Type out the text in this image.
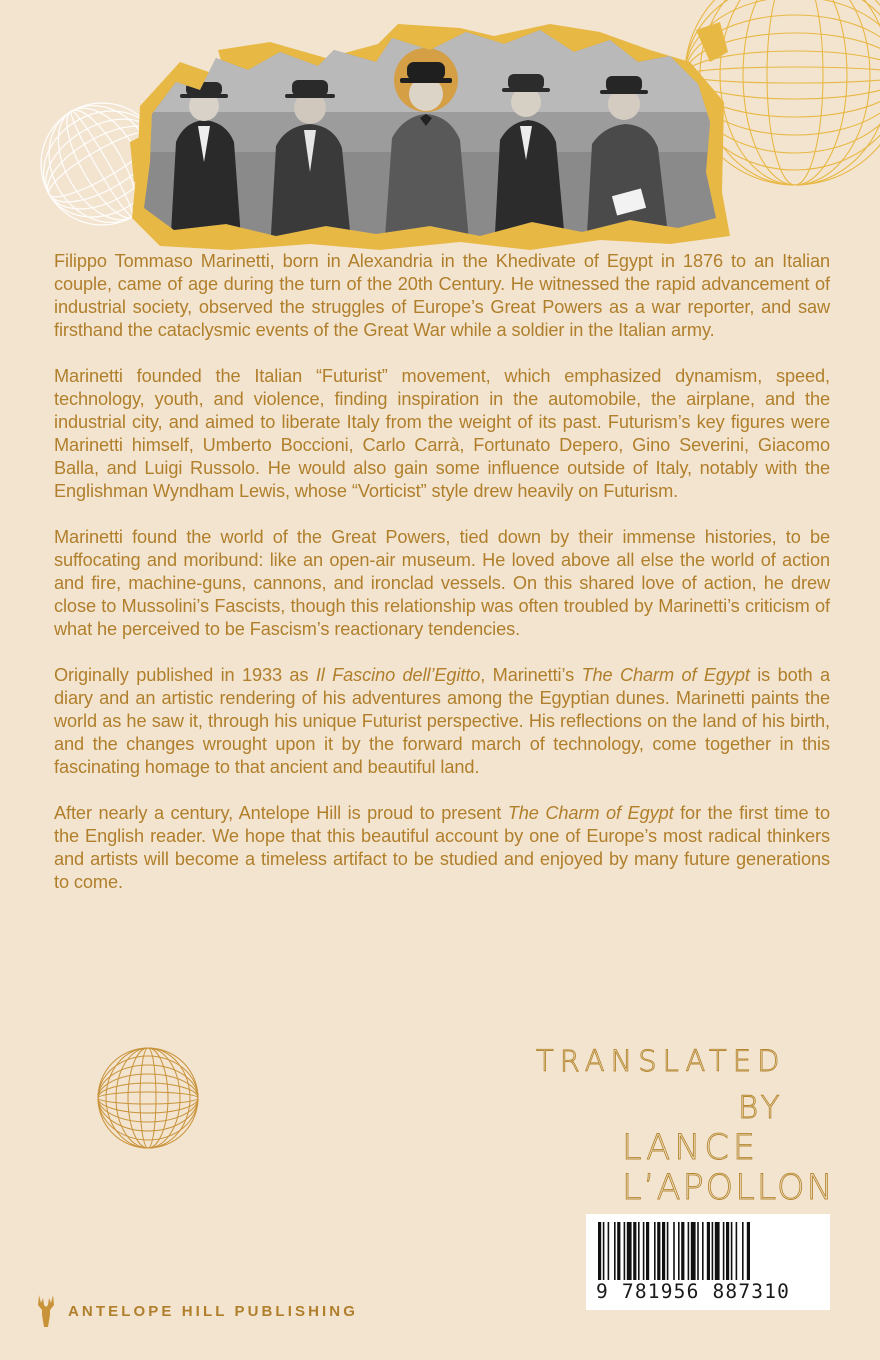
Filippo Tommaso Marinetti, born in Alexandria in the Khedivate of Egypt in 1876 to an Italian couple, came of age during the turn of the 20th Century. He witnessed the rapid advancement of industrial society, observed the struggles of Europe’s Great Powers as a war reporter, and saw firsthand the cataclysmic events of the Great War while a soldier in the Italian army.

Marinetti founded the Italian “Futurist” movement, which emphasized dynamism, speed, technology, youth, and violence, finding inspiration in the automobile, the airplane, and the industrial city, and aimed to liberate Italy from the weight of its past. Futurism’s key figures were Marinetti himself, Umberto Boccioni, Carlo Carrà, Fortunato Depero, Gino Severini, Giacomo Balla, and Luigi Russolo. He would also gain some influence outside of Italy, notably with the Englishman Wyndham Lewis, whose “Vorticist” style drew heavily on Futurism.

Marinetti found the world of the Great Powers, tied down by their immense histories, to be suffocating and moribund: like an open-air museum. He loved above all else the world of action and fire, machine-guns, cannons, and ironclad vessels. On this shared love of action, he drew close to Mussolini’s Fascists, though this relationship was often troubled by Marinetti’s criticism of what he perceived to be Fascism’s reactionary tendencies.

Originally published in 1933 as Il Fascino dell’Egitto, Marinetti’s The Charm of Egypt is both a diary and an artistic rendering of his adventures among the Egyptian dunes. Marinetti paints the world as he saw it, through his unique Futurist perspective. His reflections on the land of his birth, and the changes wrought upon it by the forward march of technology, come together in this fascinating homage to that ancient and beautiful land.

After nearly a century, Antelope Hill is proud to present The Charm of Egypt for the first time to the English reader. We hope that this beautiful account by one of Europe’s most radical thinkers and artists will become a timeless artifact to be studied and enjoyed by many future generations to come.

TRANSLATED
BY
LANCE
L’APOLLON
9 781956 887310
ANTELOPE HILL PUBLISHING
